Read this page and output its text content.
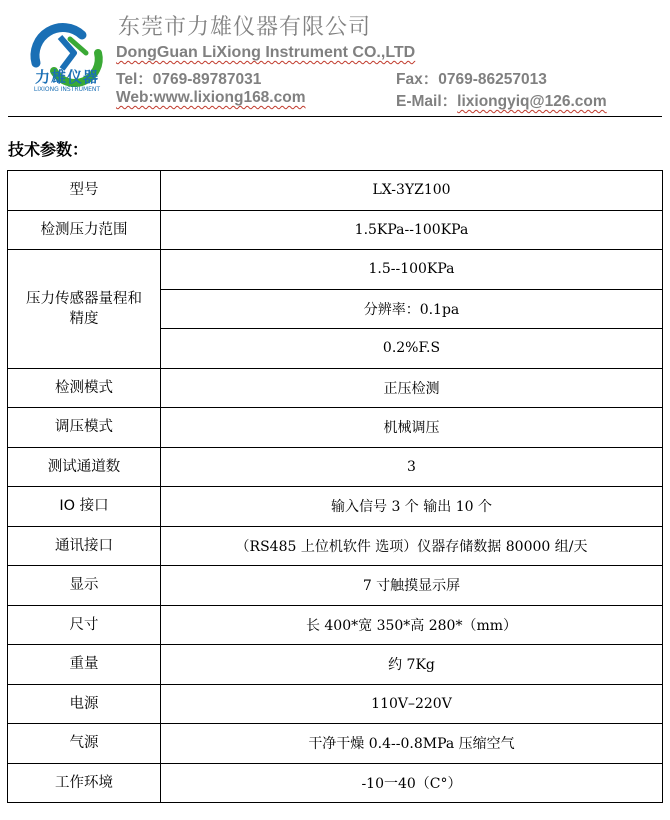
力雄仪器
LIXIONG INSTRUMENT
东莞市力雄仪器有限公司
DongGuan LiXiong Instrument CO.,LTD
Tel：0769-89787031	Fax：0769-86257013
Web:www.lixiong168.com	E-Mail：lixiongyiq@126.com
技术参数：
型号	LX-3YZ100
检测压力范围	1.5KPa--100KPa
压力传感器量程和
精度	1.5--100KPa
	分辨率：0.1pa
	0.2%F.S
检测模式	正压检测
调压模式	机械调压
测试通道数	3
IO 接口	输入信号 3 个 输出 10 个
通讯接口	（RS485 上位机软件 选项）仪器存储数据 80000 组/天
显示	7 寸触摸显示屏
尺寸	长 400*宽 350*高 280*（mm）
重量	约 7Kg
电源	110V–220V
气源	干净干燥 0.4--0.8MPa 压缩空气
工作环境	-10一40（C°）
